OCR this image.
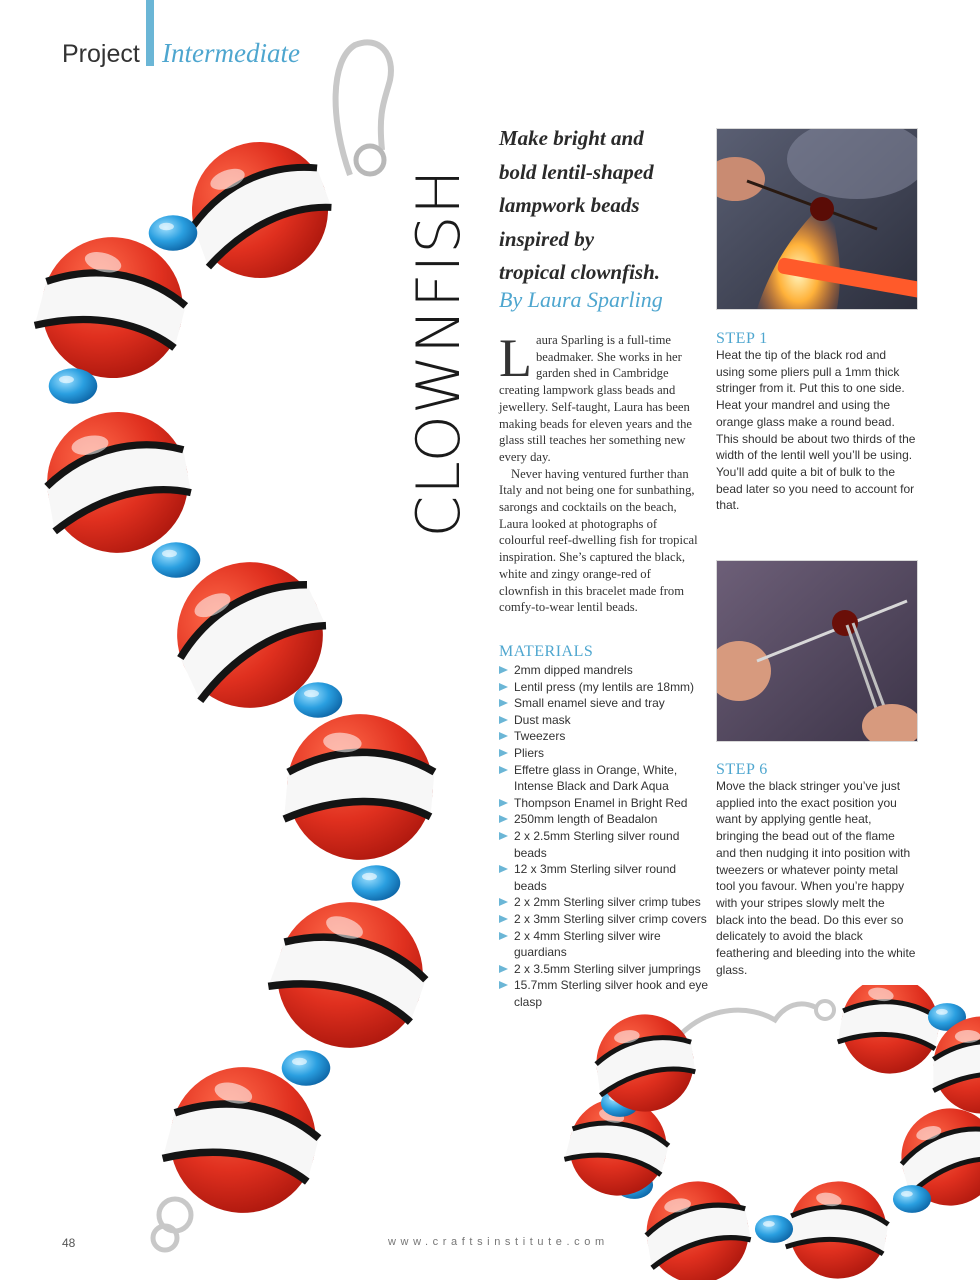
Project Intermediate
CLOWNFISH
Make bright and
bold lentil-shaped
lampwork beads
inspired by
tropical clownfish.
By Laura Sparling

Laura Sparling is a full-time beadmaker. She works in her garden shed in Cambridge creating lampwork glass beads and jewellery. Self-taught, Laura has been making beads for eleven years and the glass still teaches her something new every day.

Never having ventured further than Italy and not being one for sunbathing, sarongs and cocktails on the beach, Laura looked at photographs of colourful reef-dwelling fish for tropical inspiration. She’s captured the black, white and zingy orange-red of clownfish in this bracelet made from comfy-to-wear lentil beads.

MATERIALS
2mm dipped mandrels
Lentil press (my lentils are 18mm)
Small enamel sieve and tray
Dust mask
Tweezers
Pliers
Effetre glass in Orange, White, Intense Black and Dark Aqua
Thompson Enamel in Bright Red
250mm length of Beadalon
2 x 2.5mm Sterling silver round beads
12 x 3mm Sterling silver round beads
2 x 2mm Sterling silver crimp tubes
2 x 3mm Sterling silver crimp covers
2 x 4mm Sterling silver wire guardians
2 x 3.5mm Sterling silver jumprings
15.7mm Sterling silver hook and eye clasp
STEP 1
Heat the tip of the black rod and using some pliers pull a 1mm thick stringer from it. Put this to one side. Heat your mandrel and using the orange glass make a round bead. This should be about two thirds of the width of the lentil well you’ll be using. You’ll add quite a bit of bulk to the bead later so you need to account for that.
STEP 6
Move the black stringer you’ve just applied into the exact position you want by applying gentle heat, bringing the bead out of the flame and then nudging it into position with tweezers or whatever pointy metal tool you favour. When you’re happy with your stripes slowly melt the black into the bead. Do this ever so delicately to avoid the black feathering and bleeding into the white glass.
48	www.craftsinstitute.com
